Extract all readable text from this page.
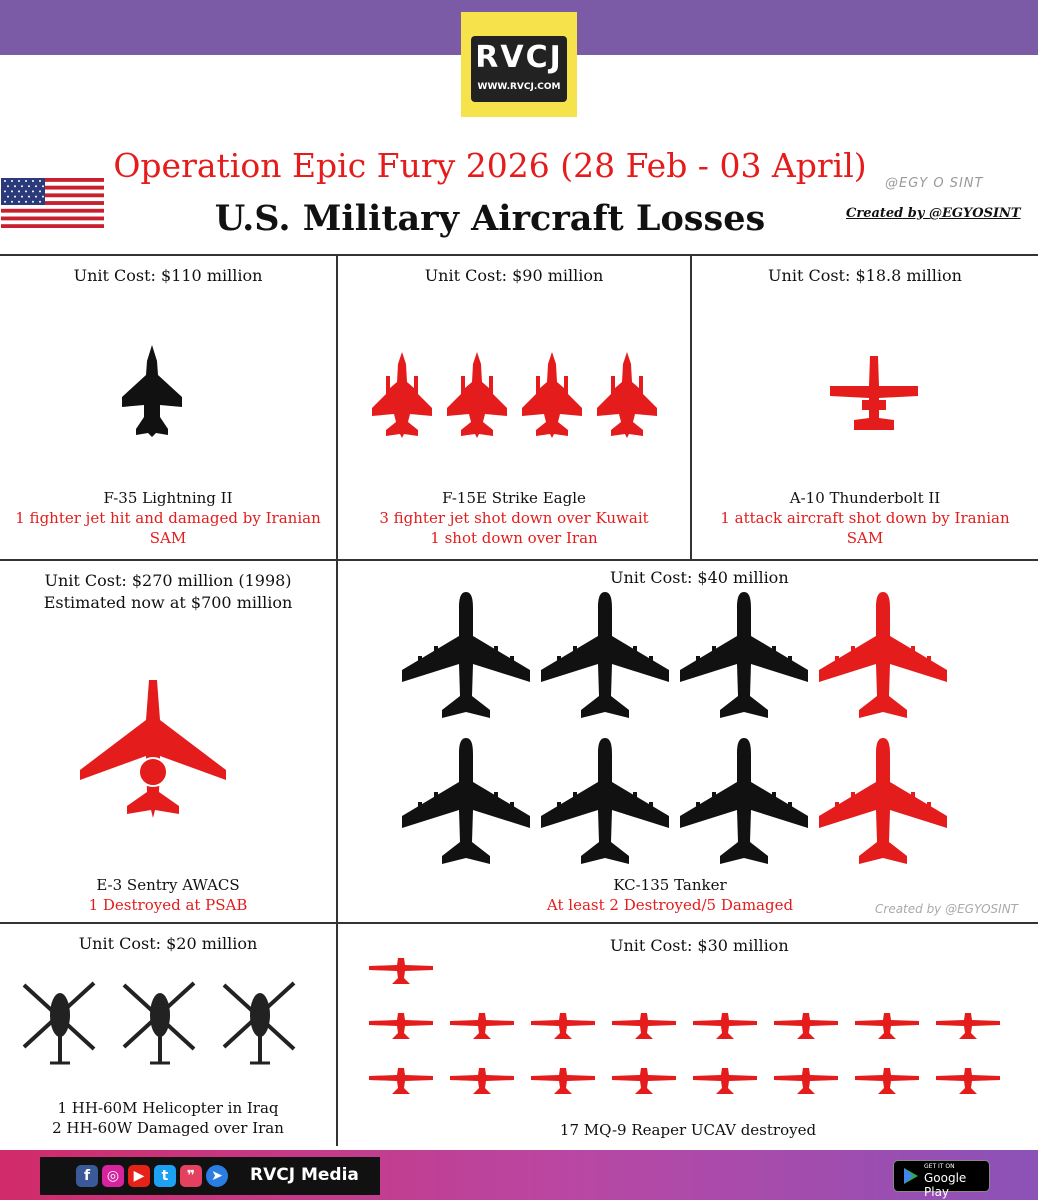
RVCJ
WWW.RVCJ.COM
Operation Epic Fury 2026 (28 Feb - 03 April)
U.S. Military Aircraft Losses
@EGY O SINT
Created by @EGYOSINT
Unit Cost: $110 million
F-35 Lightning II
1 fighter jet hit and damaged by Iranian SAM
Unit Cost: $90 million
F-15E Strike Eagle
3 fighter jet shot down over Kuwait
1 shot down over Iran
Unit Cost: $18.8 million
A-10 Thunderbolt II
1 attack aircraft shot down by Iranian SAM
Unit Cost: $270 million (1998)
Estimated now at $700 million
E-3 Sentry AWACS
1 Destroyed at PSAB
Unit Cost: $40 million
KC-135 Tanker
At least 2 Destroyed/5 Damaged	Created by @EGYOSINT
Unit Cost: $20 million
1 HH-60M Helicopter in Iraq
2 HH-60W Damaged over Iran
Unit Cost: $30 million
17 MQ-9 Reaper UCAV destroyed
f	◎	▶	t	❞	➤	RVCJ Media	GET IT ON
Google Play
